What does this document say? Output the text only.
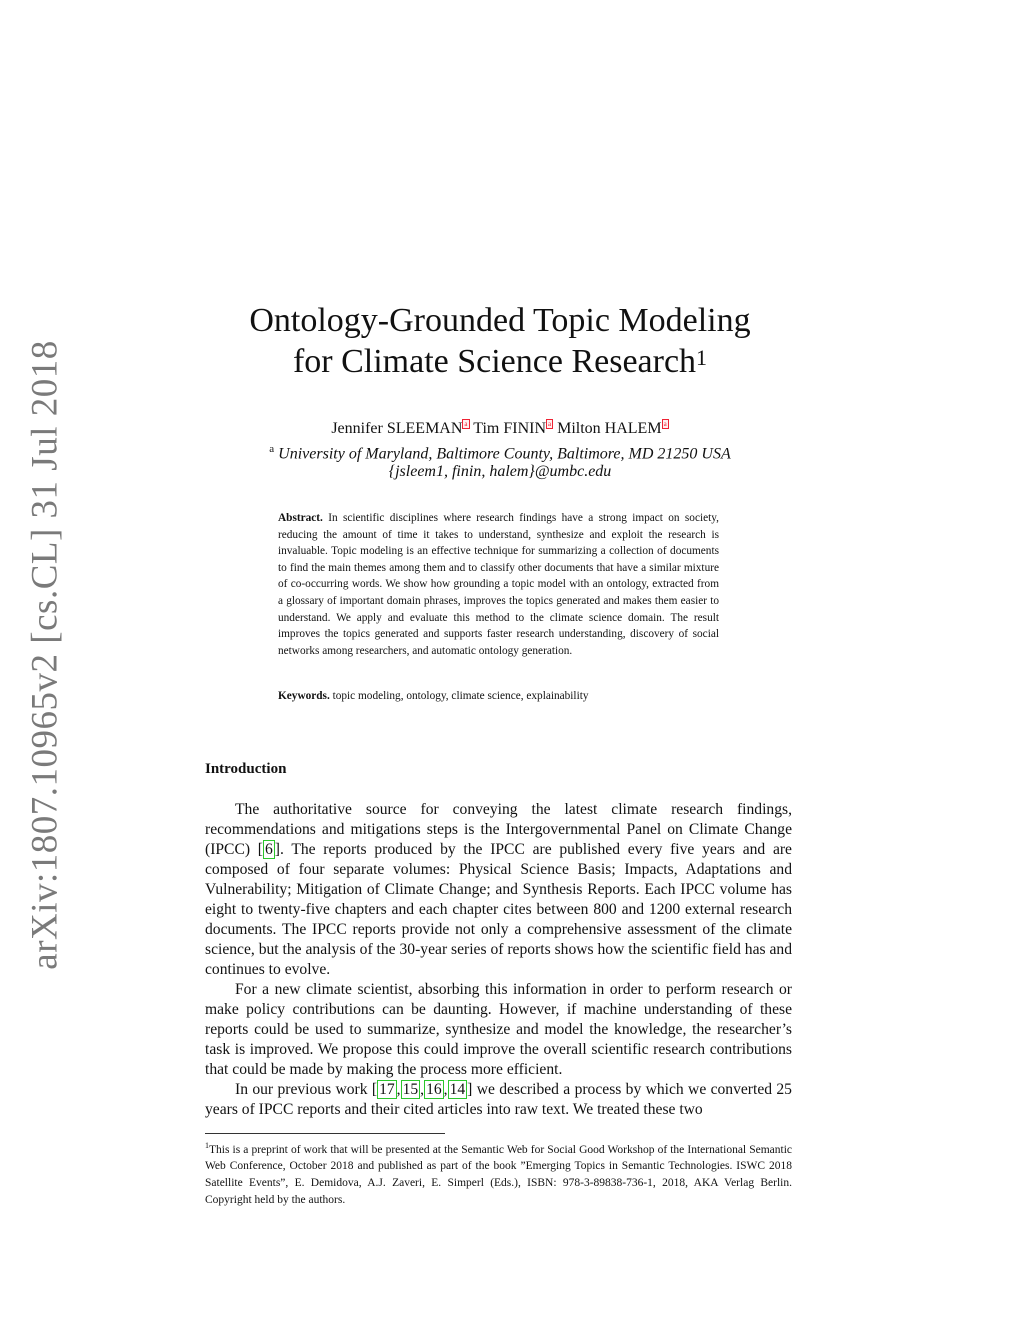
arXiv:1807.10965v2 [cs.CL] 31 Jul 2018
Ontology-Grounded Topic Modeling
for Climate Science Research$^1$
Jennifer SLEEMAN a Tim FININ a Milton HALEM a
$^a$ University of Maryland, Baltimore County, Baltimore, MD 21250 USA
{jsleem1, finin, halem}@umbc.edu
Abstract. In scientific disciplines where research findings have a strong impact on society, reducing the amount of time it takes to understand, synthesize and exploit the research is invaluable. Topic modeling is an effective technique for summarizing a collection of documents to find the main themes among them and to classify other documents that have a similar mixture of co-occurring words. We show how grounding a topic model with an ontology, extracted from a glossary of important domain phrases, improves the topics generated and makes them easier to understand. We apply and evaluate this method to the climate science domain. The result improves the topics generated and supports faster research understanding, discovery of social networks among researchers, and automatic ontology generation.
Keywords. topic modeling, ontology, climate science, explainability
Introduction

The authoritative source for conveying the latest climate research findings, recommendations and mitigations steps is the Intergovernmental Panel on Climate Change (IPCC) [ 6 ]. The reports produced by the IPCC are published every five years and are composed of four separate volumes: Physical Science Basis; Impacts, Adaptations and Vulnerability; Mitigation of Climate Change; and Synthesis Reports. Each IPCC volume has eight to twenty-five chapters and each chapter cites between 800 and 1200 external research documents. The IPCC reports provide not only a comprehensive assessment of the climate science, but the analysis of the 30-year series of reports shows how the scientific field has and continues to evolve.

For a new climate scientist, absorbing this information in order to perform research or make policy contributions can be daunting. However, if machine understanding of these reports could be used to summarize, synthesize and model the knowledge, the researcher’s task is improved. We propose this could improve the overall scientific research contributions that could be made by making the process more efficient.

In our previous work [ 17 , 15 , 16 , 14 ] we described a process by which we converted 25 years of IPCC reports and their cited articles into raw text. We treated these two

$^1$This is a preprint of work that will be presented at the Semantic Web for Social Good Workshop of the International Semantic Web Conference, October 2018 and published as part of the book ”Emerging Topics in Semantic Technologies. ISWC 2018 Satellite Events”, E. Demidova, A.J. Zaveri, E. Simperl (Eds.), ISBN: 978-3-89838-736-1, 2018, AKA Verlag Berlin. Copyright held by the authors.
